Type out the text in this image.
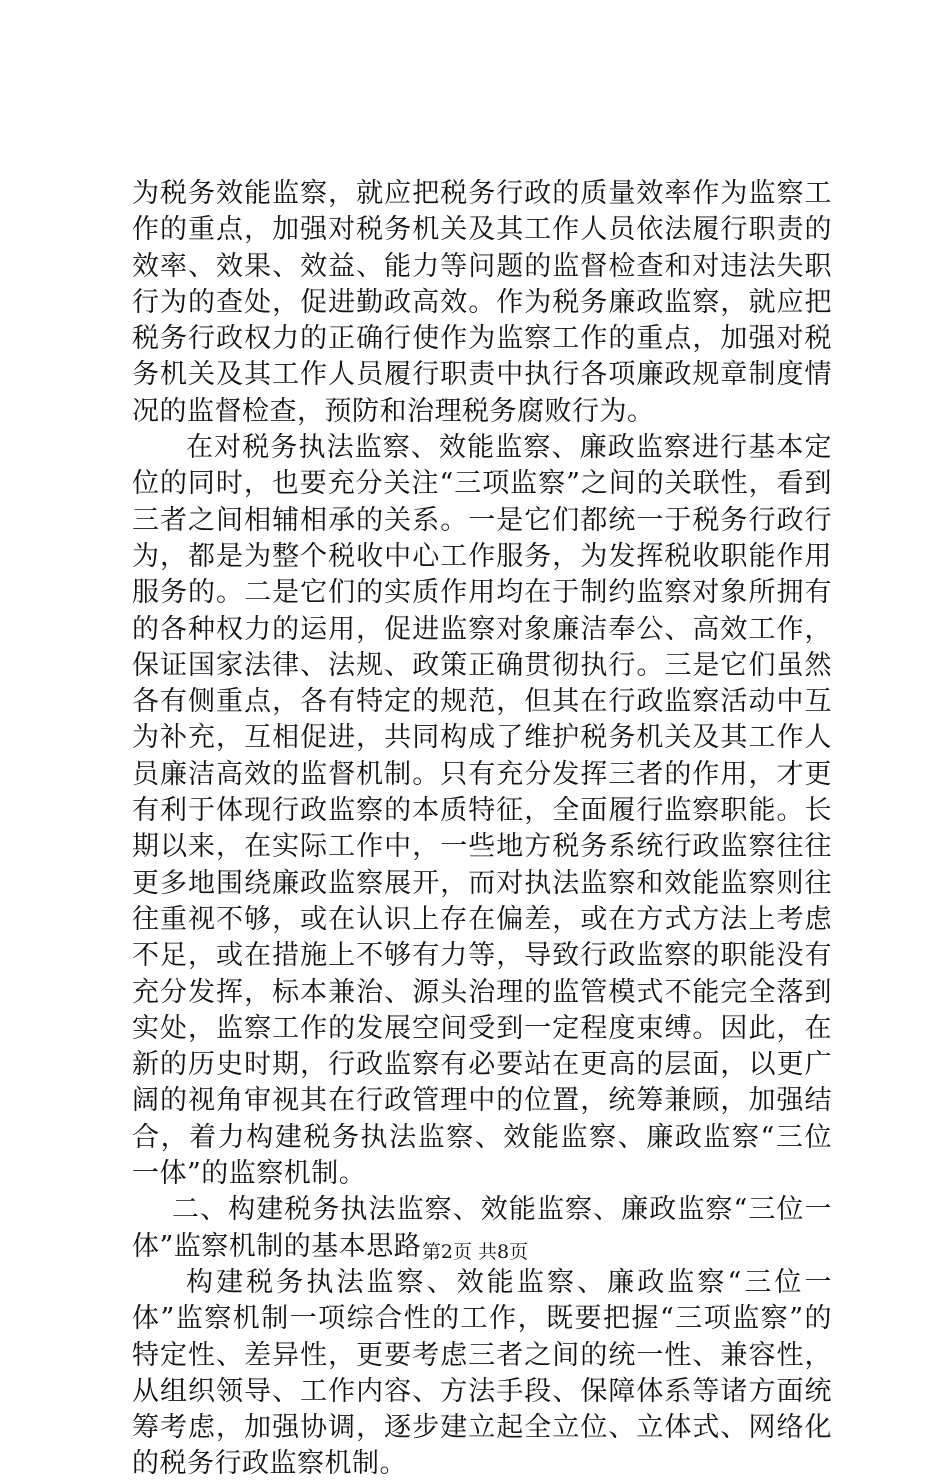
为税务效能监察，就应把税务行政的质量效率作为监察工作的重点，加强对税务机关及其工作人员依法履行职责的效率、效果、效益、能力等问题的监督检查和对违法失职行为的查处，促进勤政高效。作为税务廉政监察，就应把税务行政权力的正确行使作为监察工作的重点，加强对税务机关及其工作人员履行职责中执行各项廉政规章制度情况的监督检查，预防和治理税务腐败行为。

在对税务执法监察、效能监察、廉政监察进行基本定位的同时，也要充分关注“三项监察”之间的关联性，看到三者之间相辅相承的关系。一是它们都统一于税务行政行为，都是为整个税收中心工作服务，为发挥税收职能作用服务的。二是它们的实质作用均在于制约监察对象所拥有的各种权力的运用，促进监察对象廉洁奉公、高效工作，保证国家法律、法规、政策正确贯彻执行。三是它们虽然各有侧重点，各有特定的规范，但其在行政监察活动中互为补充，互相促进，共同构成了维护税务机关及其工作人员廉洁高效的监督机制。只有充分发挥三者的作用，才更有利于体现行政监察的本质特征，全面履行监察职能。长期以来，在实际工作中，一些地方税务系统行政监察往往更多地围绕廉政监察展开，而对执法监察和效能监察则往往重视不够，或在认识上存在偏差，或在方式方法上考虑不足，或在措施上不够有力等，导致行政监察的职能没有充分发挥，标本兼治、源头治理的监管模式不能完全落到实处，监察工作的发展空间受到一定程度束缚。因此，在新的历史时期，行政监察有必要站在更高的层面，以更广阔的视角审视其在行政管理中的位置，统筹兼顾，加强结合，着力构建税务执法监察、效能监察、廉政监察“三位一体”的监察机制。

二、构建税务执法监察、效能监察、廉政监察“三位一体”监察机制的基本思路

构建税务执法监察、效能监察、廉政监察“三位一体”监察机制一项综合性的工作，既要把握“三项监察”的特定性、差异性，更要考虑三者之间的统一性、兼容性，从组织领导、工作内容、方法手段、保障体系等诸方面统筹考虑，加强协调，逐步建立起全立位、立体式、网络化的税务行政监察机制。

第2页 共8页
